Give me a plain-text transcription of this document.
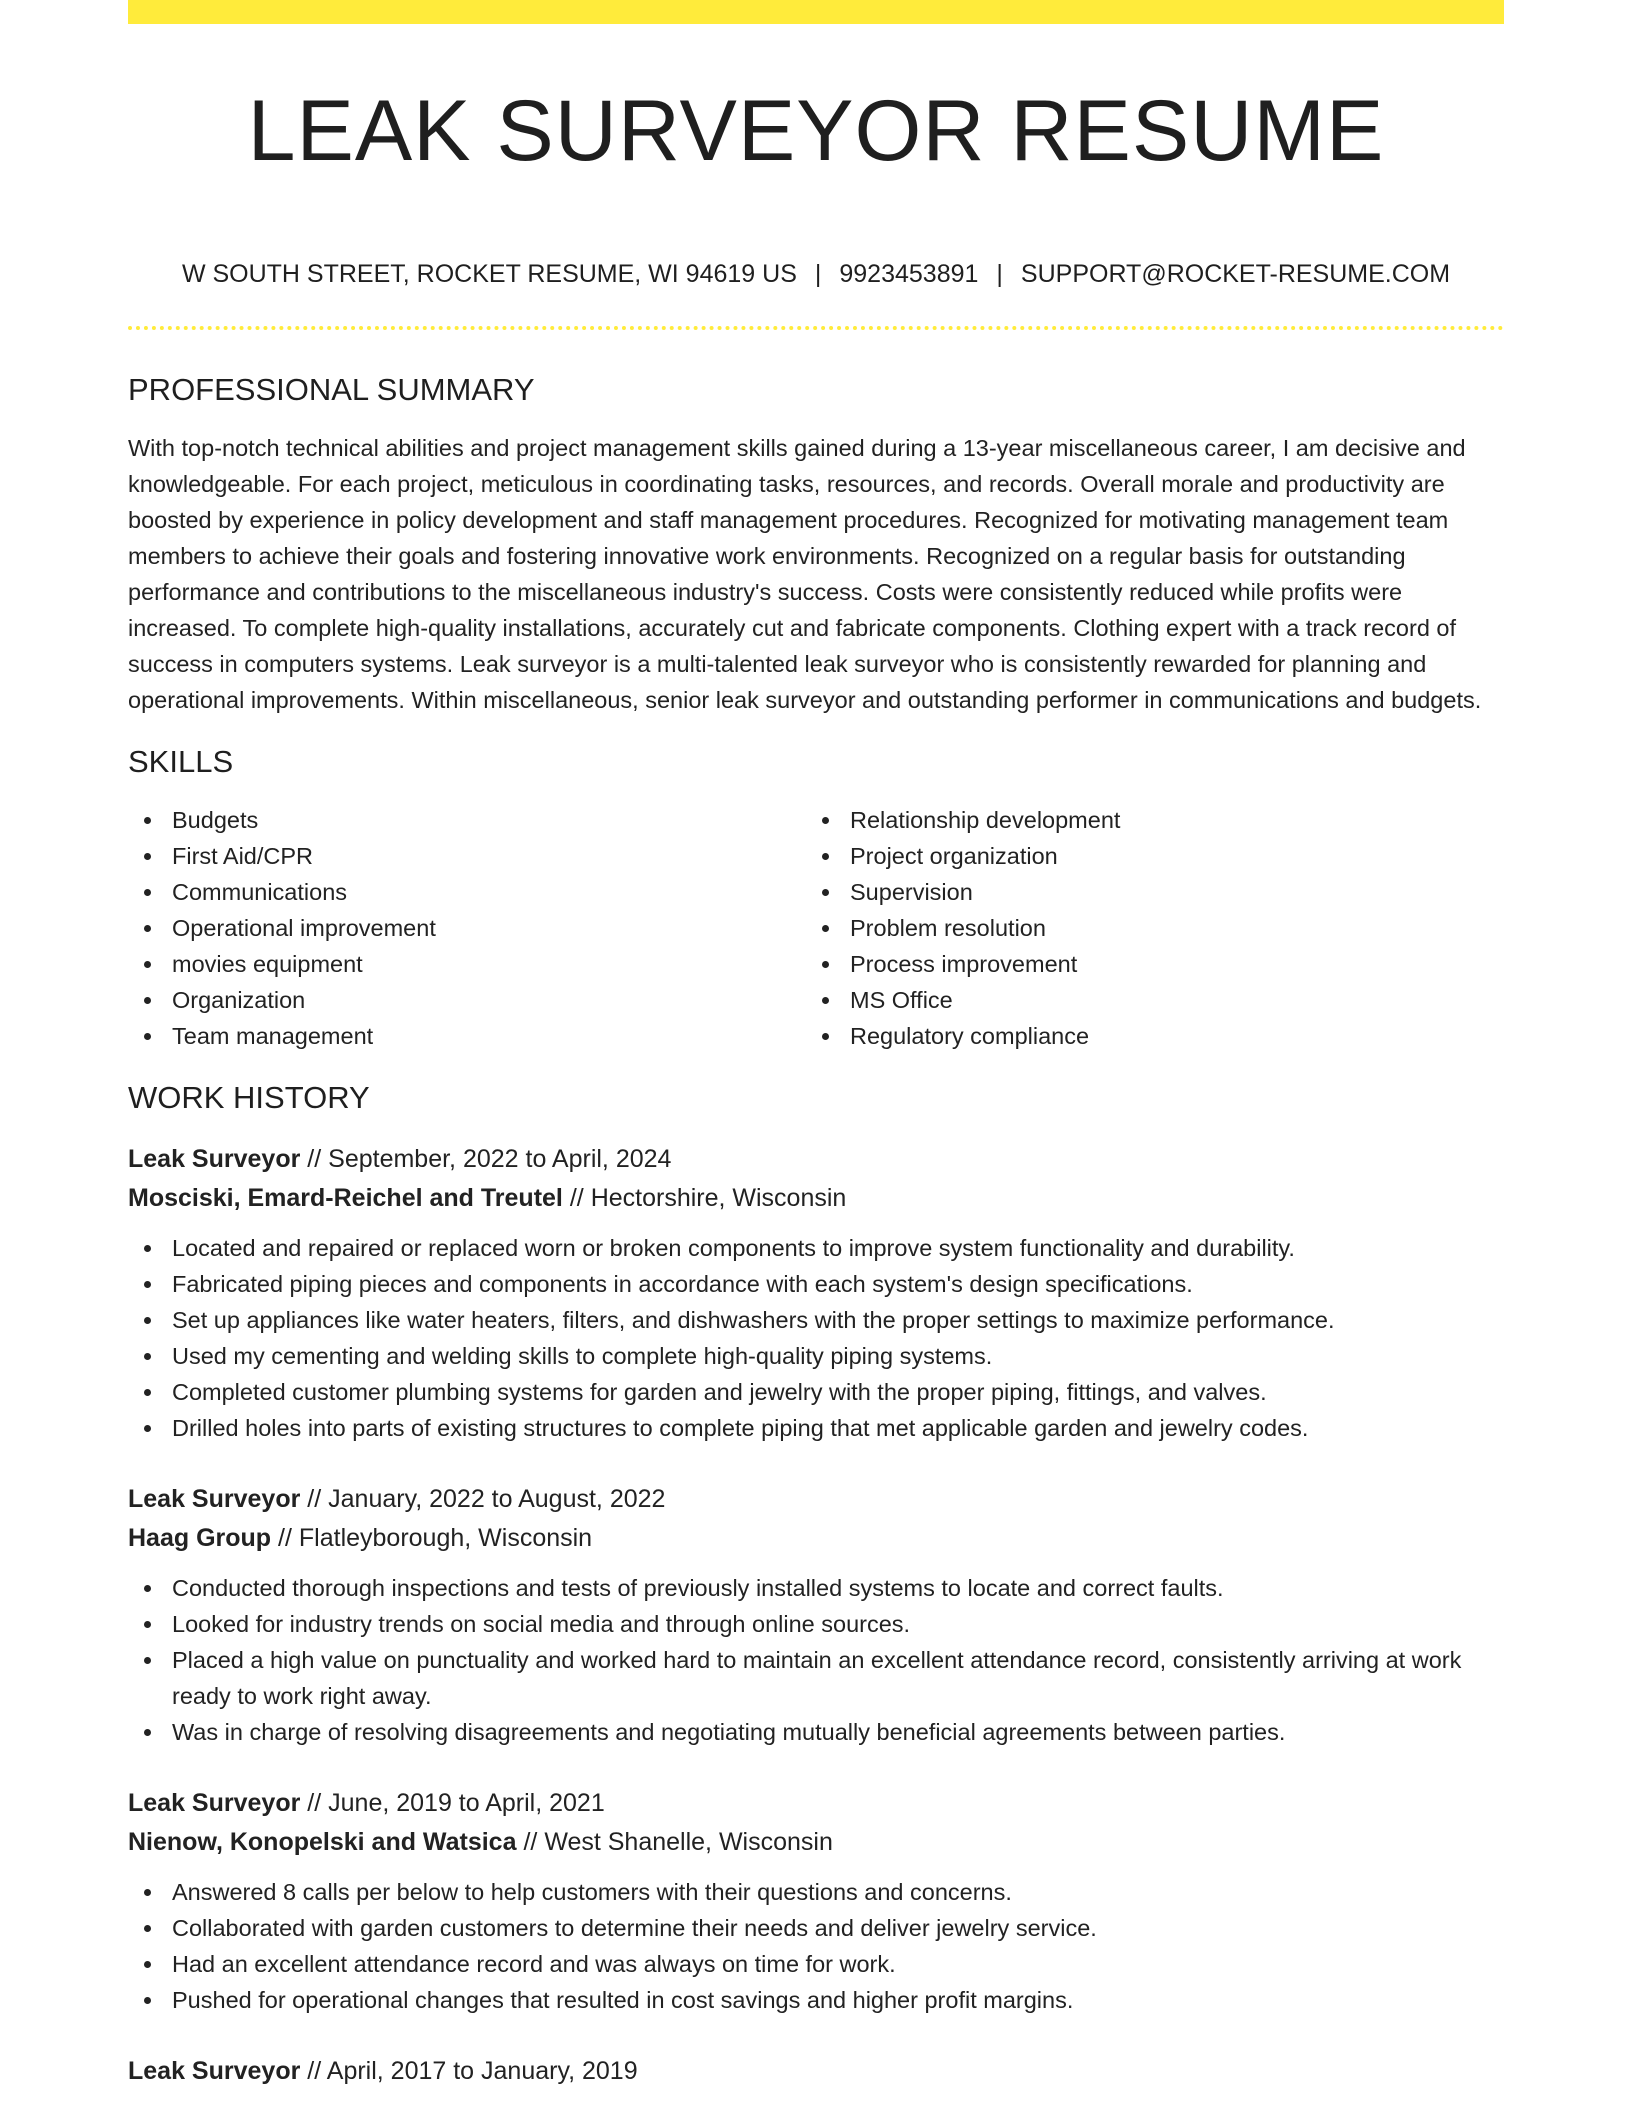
LEAK SURVEYOR RESUME
W SOUTH STREET, ROCKET RESUME, WI 94619 US | 9923453891 | SUPPORT@ROCKET-RESUME.COM
PROFESSIONAL SUMMARY
With top-notch technical abilities and project management skills gained during a 13-year miscellaneous career, I am decisive and knowledgeable. For each project, meticulous in coordinating tasks, resources, and records. Overall morale and productivity are boosted by experience in policy development and staff management procedures. Recognized for motivating management team members to achieve their goals and fostering innovative work environments. Recognized on a regular basis for outstanding performance and contributions to the miscellaneous industry's success. Costs were consistently reduced while profits were increased. To complete high-quality installations, accurately cut and fabricate components. Clothing expert with a track record of success in computers systems. Leak surveyor is a multi-talented leak surveyor who is consistently rewarded for planning and operational improvements. Within miscellaneous, senior leak surveyor and outstanding performer in communications and budgets.
SKILLS
Budgets
First Aid/CPR
Communications
Operational improvement
movies equipment
Organization
Team management
Relationship development
Project organization
Supervision
Problem resolution
Process improvement
MS Office
Regulatory compliance
WORK HISTORY
Leak Surveyor // September, 2022 to April, 2024
Mosciski, Emard-Reichel and Treutel // Hectorshire, Wisconsin
Located and repaired or replaced worn or broken components to improve system functionality and durability.
Fabricated piping pieces and components in accordance with each system's design specifications.
Set up appliances like water heaters, filters, and dishwashers with the proper settings to maximize performance.
Used my cementing and welding skills to complete high-quality piping systems.
Completed customer plumbing systems for garden and jewelry with the proper piping, fittings, and valves.
Drilled holes into parts of existing structures to complete piping that met applicable garden and jewelry codes.
Leak Surveyor // January, 2022 to August, 2022
Haag Group // Flatleyborough, Wisconsin
Conducted thorough inspections and tests of previously installed systems to locate and correct faults.
Looked for industry trends on social media and through online sources.
Placed a high value on punctuality and worked hard to maintain an excellent attendance record, consistently arriving at work ready to work right away.
Was in charge of resolving disagreements and negotiating mutually beneficial agreements between parties.
Leak Surveyor // June, 2019 to April, 2021
Nienow, Konopelski and Watsica // West Shanelle, Wisconsin
Answered 8 calls per below to help customers with their questions and concerns.
Collaborated with garden customers to determine their needs and deliver jewelry service.
Had an excellent attendance record and was always on time for work.
Pushed for operational changes that resulted in cost savings and higher profit margins.
Leak Surveyor // April, 2017 to January, 2019
